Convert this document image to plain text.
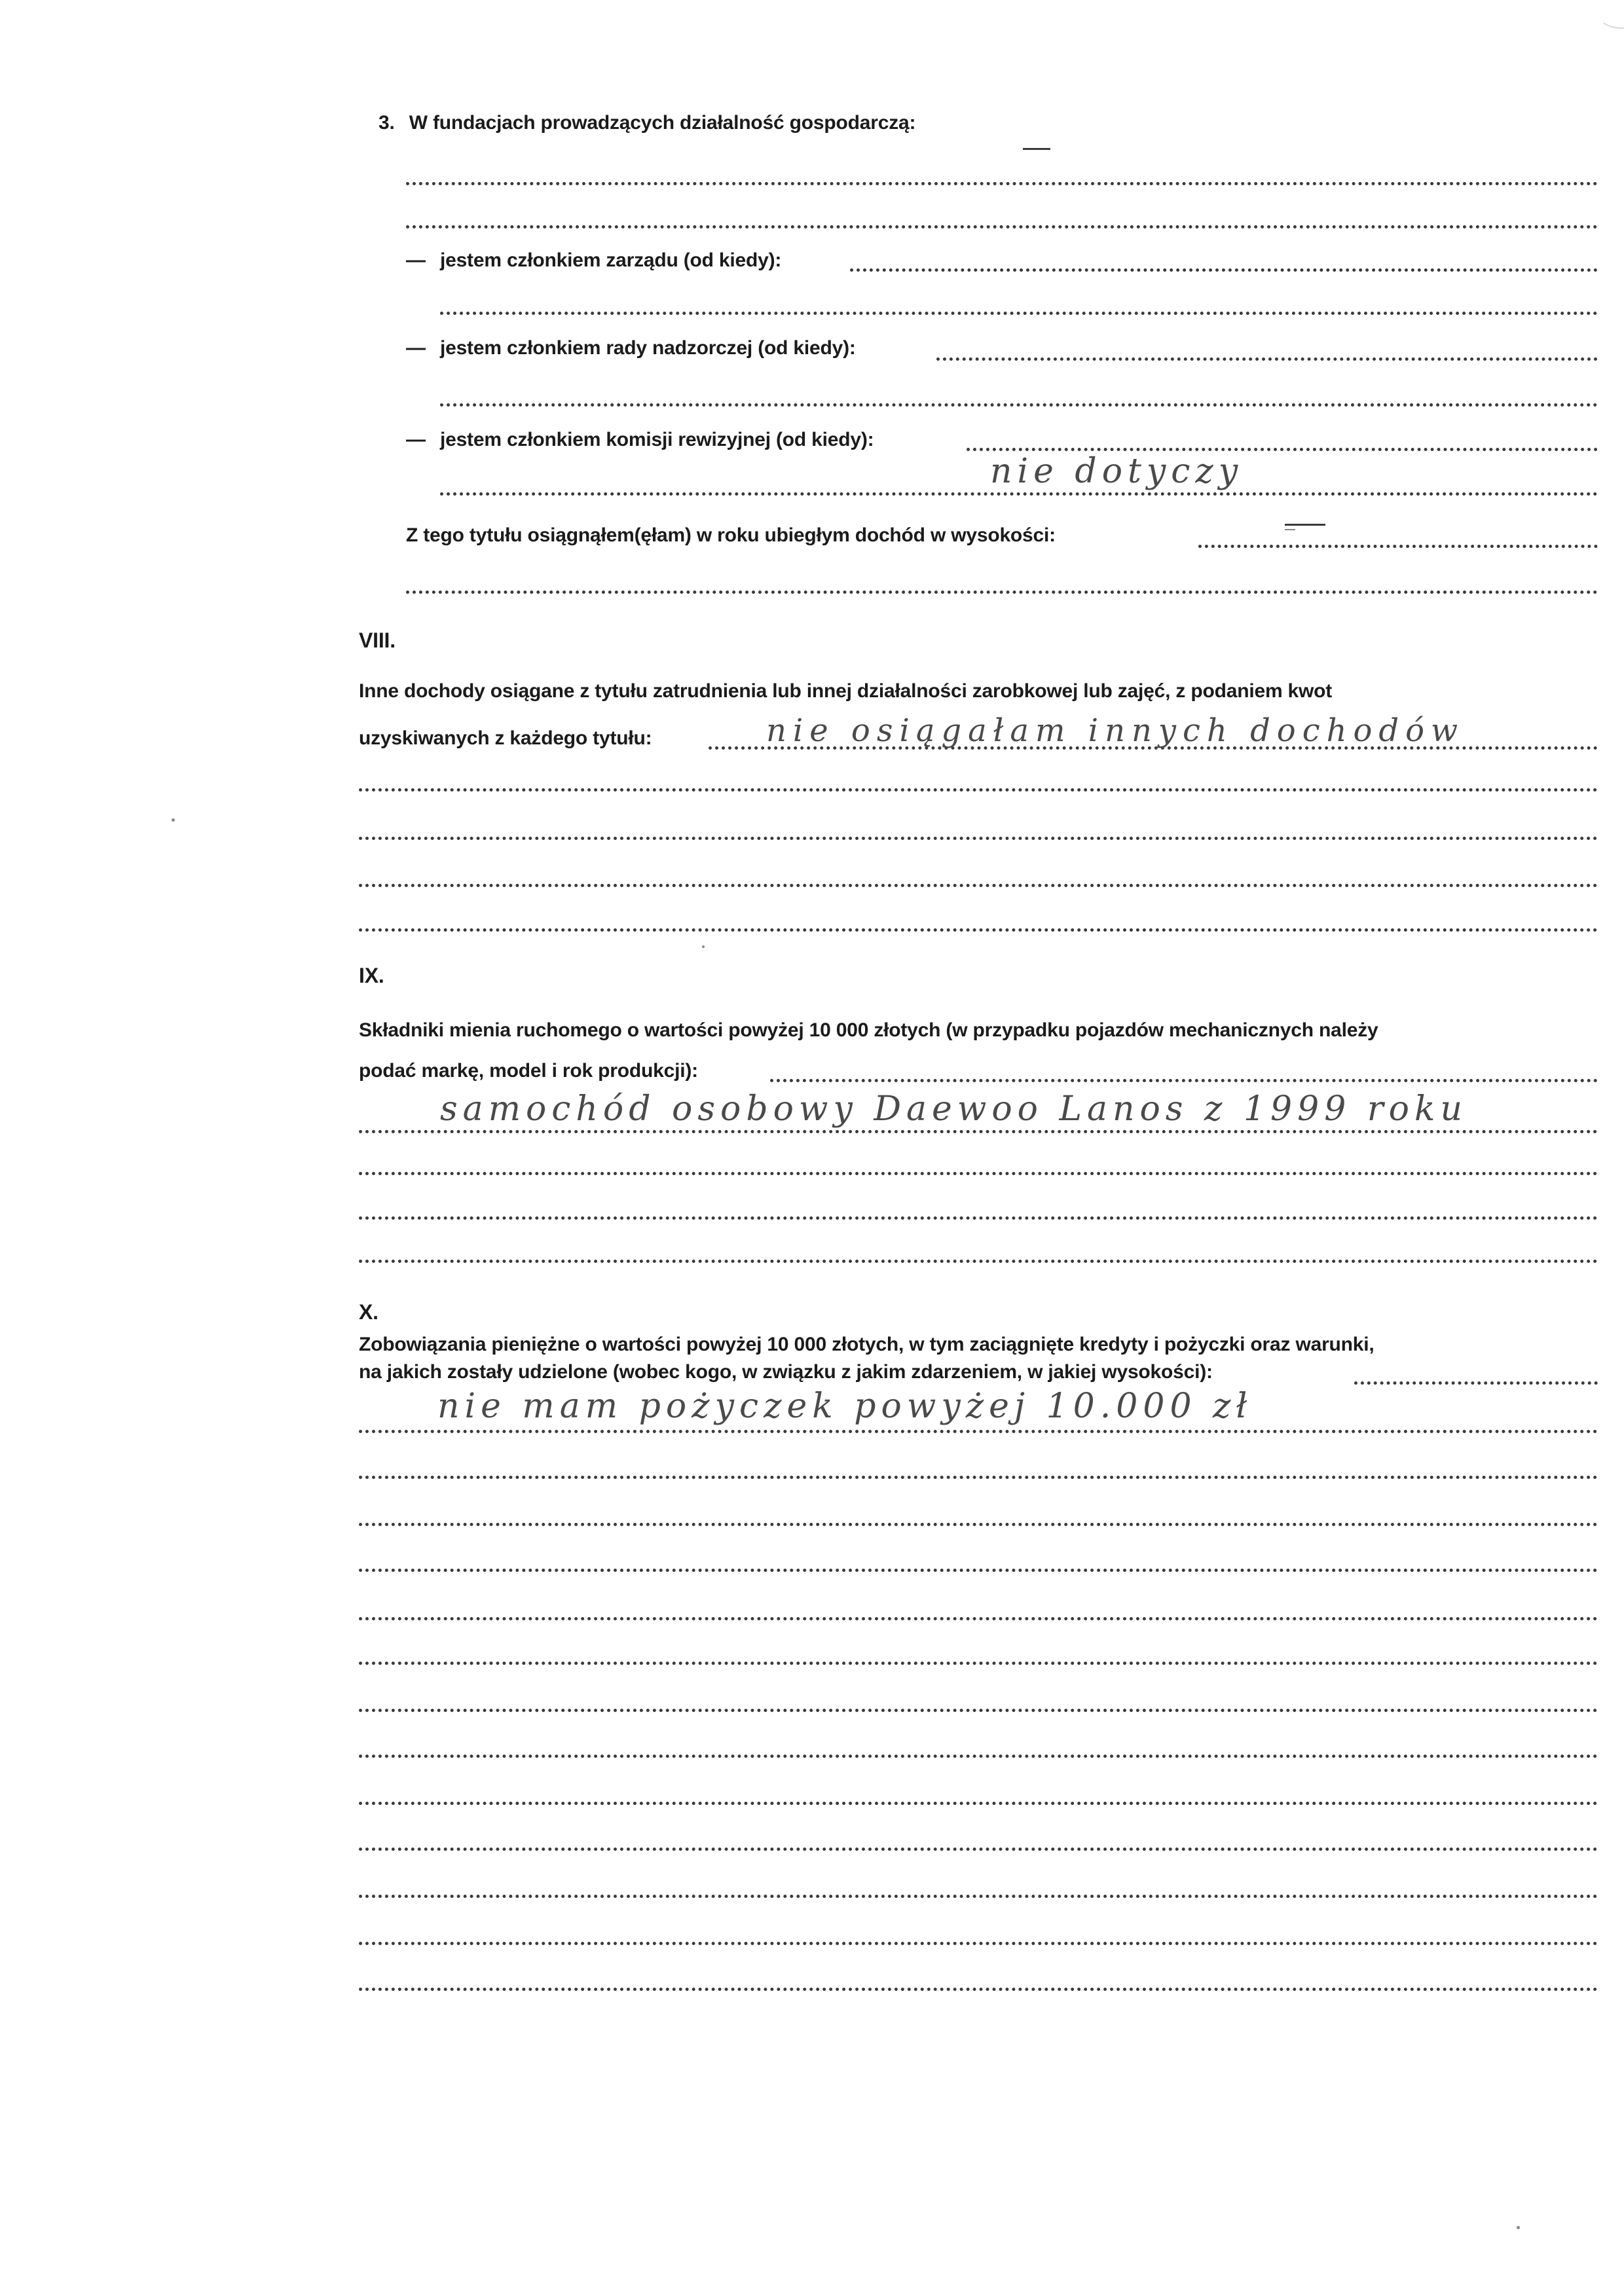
3. W fundacjach prowadzących działalność gospodarczą:
— jestem członkiem zarządu (od kiedy):
— jestem członkiem rady nadzorczej (od kiedy):
— jestem członkiem komisji rewizyjnej (od kiedy):
nie dotyczy
Z tego tytułu osiągnąłem(ęłam) w roku ubiegłym dochód w wysokości:	—
VIII.
Inne dochody osiągane z tytułu zatrudnienia lub innej działalności zarobkowej lub zajęć, z podaniem kwot
uzyskiwanych z każdego tytułu:	nie osiągałam innych dochodów
IX.
Składniki mienia ruchomego o wartości powyżej 10 000 złotych (w przypadku pojazdów mechanicznych należy
podać markę, model i rok produkcji):
samochód osobowy Daewoo Lanos z 1999 roku
X.
Zobowiązania pieniężne o wartości powyżej 10 000 złotych, w tym zaciągnięte kredyty i pożyczki oraz warunki,
na jakich zostały udzielone (wobec kogo, w związku z jakim zdarzeniem, w jakiej wysokości):
nie mam pożyczek powyżej 10.000 zł
